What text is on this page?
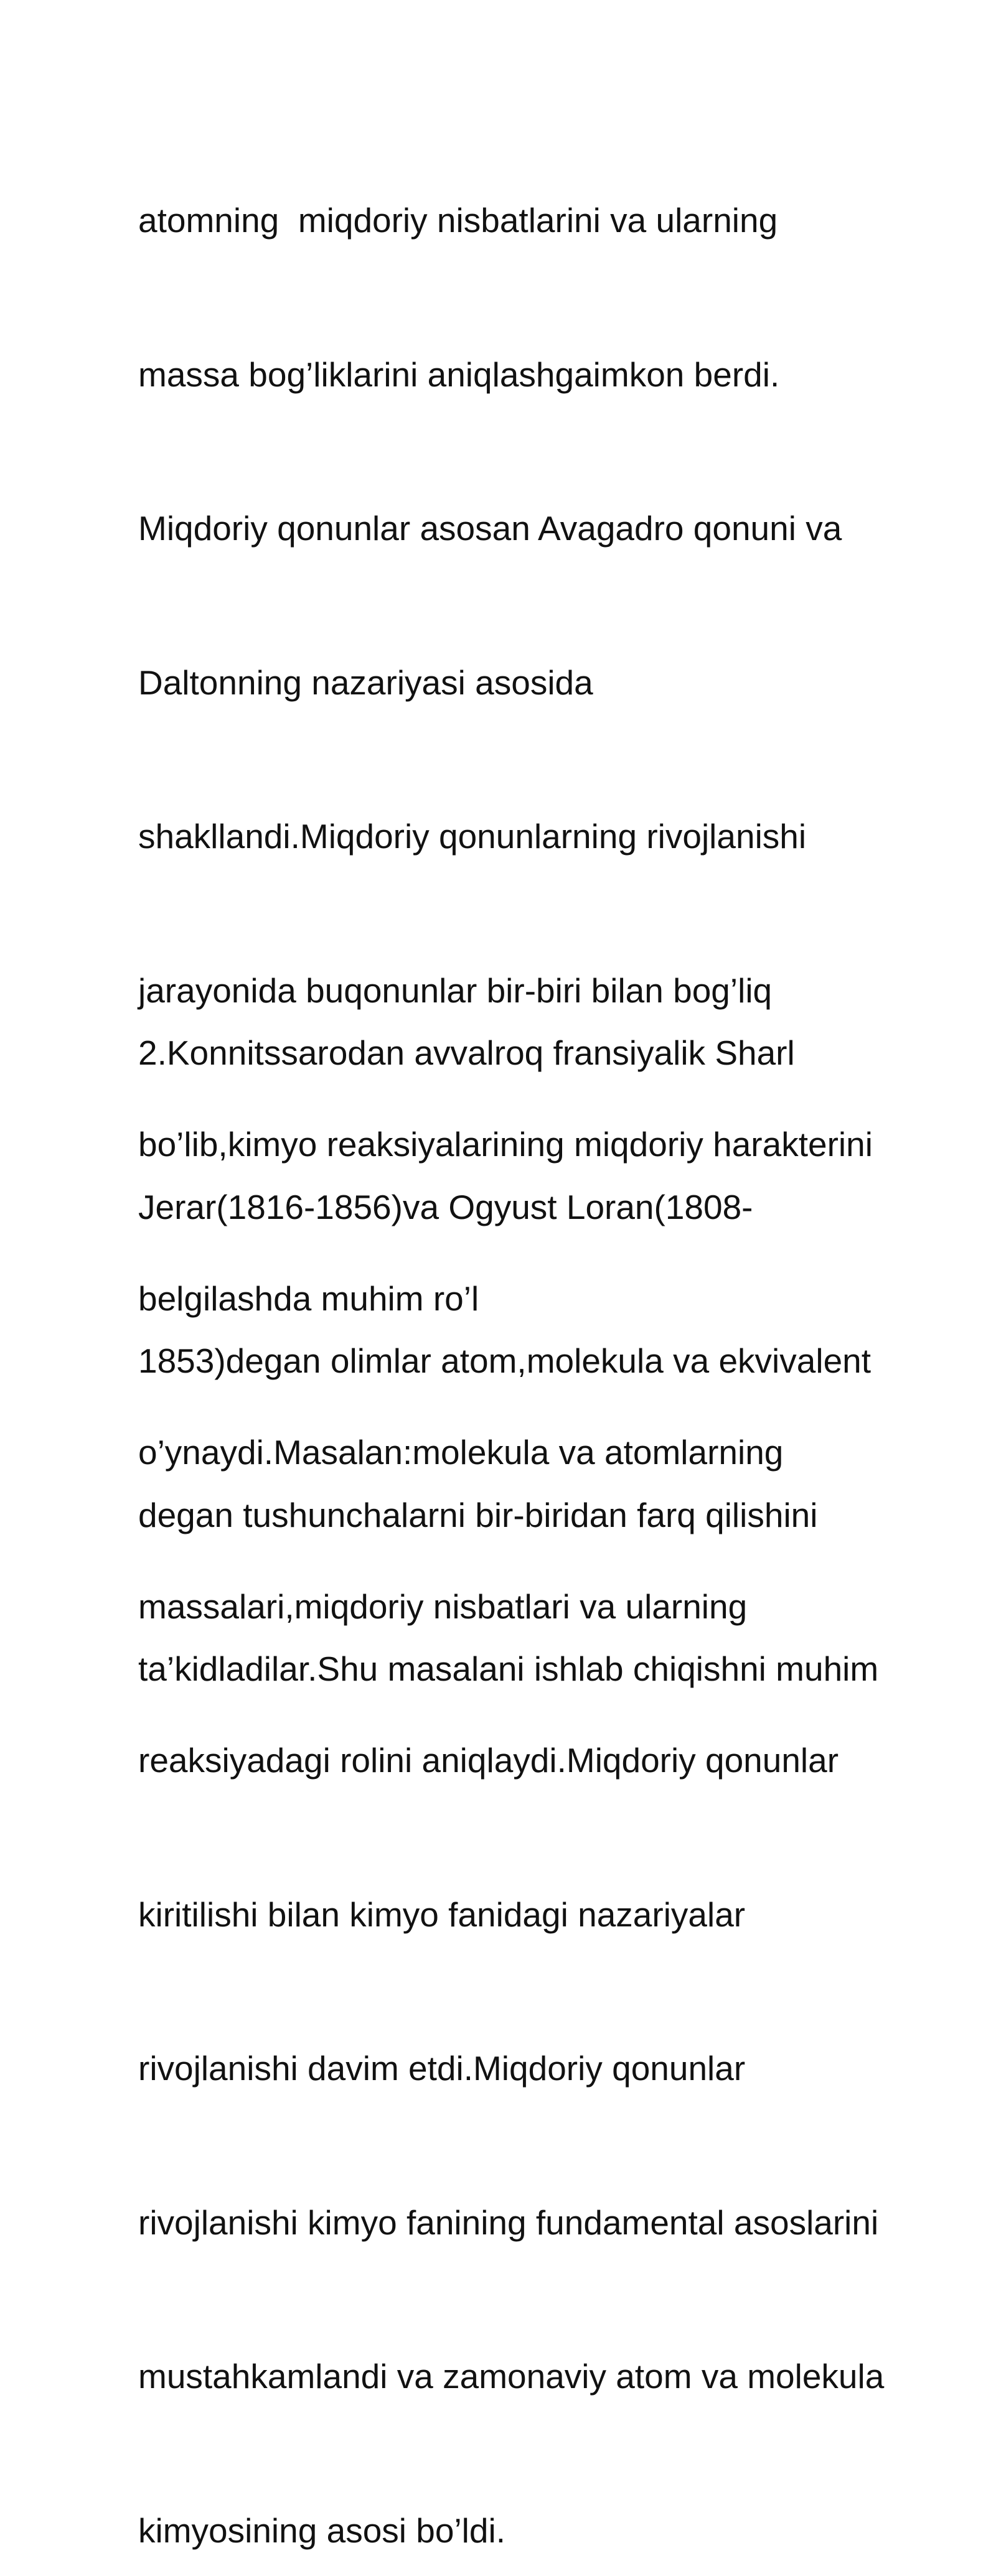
atomning  miqdoriy nisbatlarini va ularning

massa bog’liklarini aniqlashgaimkon berdi.

Miqdoriy qonunlar asosan Avagadro qonuni va

Daltonning nazariyasi asosida

shakllandi.Miqdoriy qonunlarning rivojlanishi

jarayonida buqonunlar bir-biri bilan bog’liq

bo’lib,kimyo reaksiyalarining miqdoriy harakterini

belgilashda muhim ro’l

o’ynaydi.Masalan:molekula va atomlarning

massalari,miqdoriy nisbatlari va ularning

reaksiyadagi rolini aniqlaydi.Miqdoriy qonunlar

kiritilishi bilan kimyo fanidagi nazariyalar

rivojlanishi davim etdi.Miqdoriy qonunlar

rivojlanishi kimyo fanining fundamental asoslarini

mustahkamlandi va zamonaviy atom va molekula

kimyosining asosi bo’ldi.

2.Konnitssarodan avvalroq fransiyalik Sharl

Jerar(1816-1856)va Ogyust Loran(1808-

1853)degan olimlar atom,molekula va ekvivalent

degan tushunchalarni bir-biridan farq qilishini

ta’kidladilar.Shu masalani ishlab chiqishni muhim
